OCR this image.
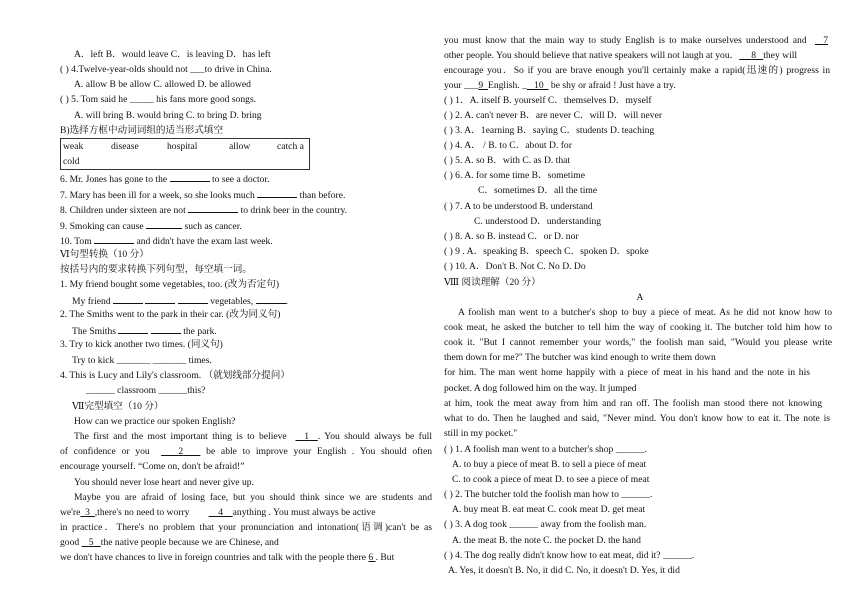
A．left B．would leave C．is leaving D．has left
( ) 4.Twelve-year-olds should not ___to drive in China.
A. allow B be allow C. allowed D. be allowed
( ) 5. Tom said he _____ his fans more good songs.
A. will bring B. would bring C. to bring D. bring
B)选择方框中动词词组的适当形式填空
weak	disease	hospital	allow	catch a
cold
6. Mr. Jones has gone to the	to see a doctor.
7. Mary has been ill for a week, so she looks much	than before.
8. Children under sixteen are not	to drink beer in the country.
9. Smoking can cause	such as cancer.
10. Tom	and didn't have the exam last week.
Ⅵ句型转换（10 分）
按括号内的要求转换下列句型，每空填一词。
1. My friend bought some vegetables, too. (改为否定句)
My friend	vegetables,	.
2. The Smiths went to the park in their car. (改为同义句)
The Smiths	the park.
3. Try to kick another two times. (同义句)
Try to kick _______ _______ times.
4. This is Lucy and Lily's classroom. （就划线部分提问）
______ classroom ______this?
Ⅶ完型填空（10 分）
How can we practice our spoken English?
The first and the most important thing is to believe 1 . You should always be full
of confidence or you	2 be able to improve your English . You should often
encourage yourself. “Come on, don't be afraid!”
You should never lose heart and never give up.
Maybe you are afraid of losing face, but you should think since we are students and
we're 3 ,there's no need to worry	4 anything . You must always be active
in practice．There's no problem that your pronunciation and intonation(语调)can't be as
good 5 the native people because we are Chinese, and
we don't have chances to live in foreign countries and talk with the people there 6 . But
you must know that the main way to study English is to make ourselves understood and 7
other people. You should believe that native speakers will not laugh at you． 8 they will
encourage you．So if you are brave enough you'll certainly make a rapid(迅速的) progress in
your ___9 English. _ 10 be shy or afraid ! Just have a try.
( ) 1．A. itself B. yourself C．themselves D．myself
( ) 2. A. can't never B．are never C．will D．will never
( ) 3. A．1earning B．saying C．students D. teaching
( ) 4. A． / B. to C．about D. for
( ) 5. A. so B．with C. as D. that
( ) 6. A. for some time B．sometime
C．sometimes D．all the time
( ) 7. A to be understood B. understand
C. understood D．understanding
( ) 8. A. so B. instead C．or D. nor
( ) 9 . A．speaking B．speech C．spoken D．spoke
( ) 10. A．Don't B. Not C. No D. Do
Ⅷ 阅读理解（20 分）
A
A foolish man went to a butcher's shop to buy a piece of meat. As he did not know how to
cook meat, he asked the butcher to tell him the way of cooking it. The butcher told him how to
cook it. "But I cannot remember your words," the foolish man said, "Would you please write
them down for me?" The butcher was kind enough to write them down
for him. The man went home happily with a piece of meat in his hand and the note in his
pocket. A dog followed him on the way. It jumped
at him, took the meat away from him and ran off. The foolish man stood there not knowing
what to do. Then he laughed and said, "Never mind. You don't know how to eat it. The note is
still in my pocket."
( ) 1. A foolish man went to a butcher's shop ______.
A. to buy a piece of meat B. to sell a piece of meat
C. to cook a piece of meat D. to see a piece of meat
( ) 2. The butcher told the foolish man how to ______.
A. buy meat B. eat meat C. cook meat D. get meat
( ) 3. A dog took ______ away from the foolish man.
A. the meat B. the note C. the pocket D. the hand
( ) 4. The dog really didn't know how to eat meat, did it? ______.
A. Yes, it doesn't B. No, it did C. No, it doesn't D. Yes, it did
